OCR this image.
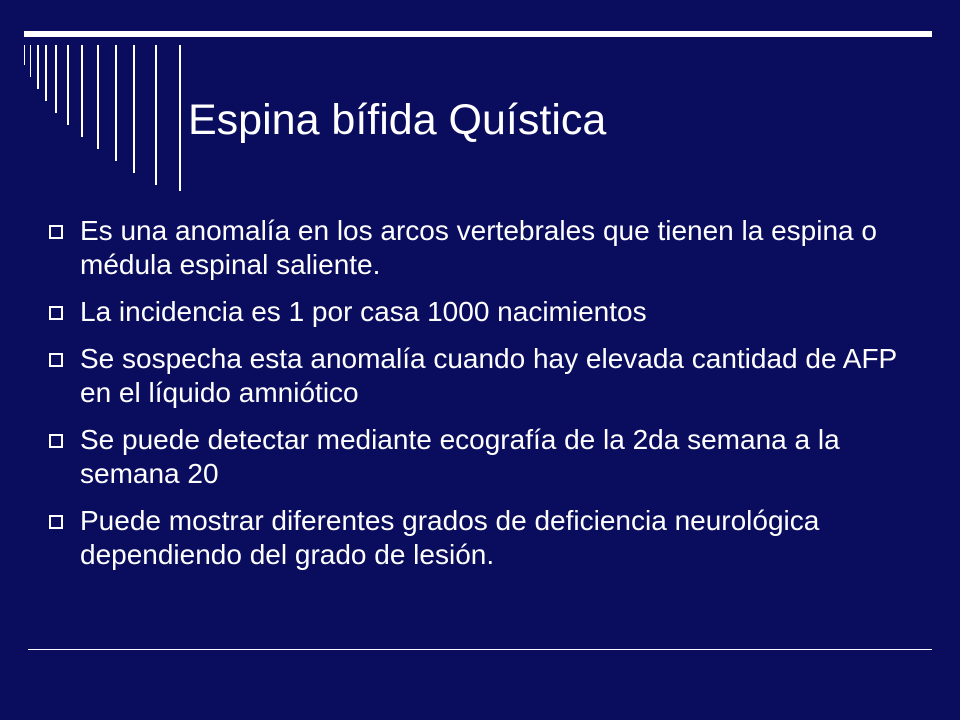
Espina bífida Quística
Es una anomalía en los arcos vertebrales que tienen la espina o médula espinal saliente.
La incidencia es 1 por casa 1000 nacimientos
Se sospecha esta anomalía cuando hay elevada cantidad de AFP en el líquido amniótico
Se puede detectar mediante ecografía de la 2da semana a la semana 20
Puede mostrar diferentes grados de deficiencia neurológica dependiendo del grado de lesión.
